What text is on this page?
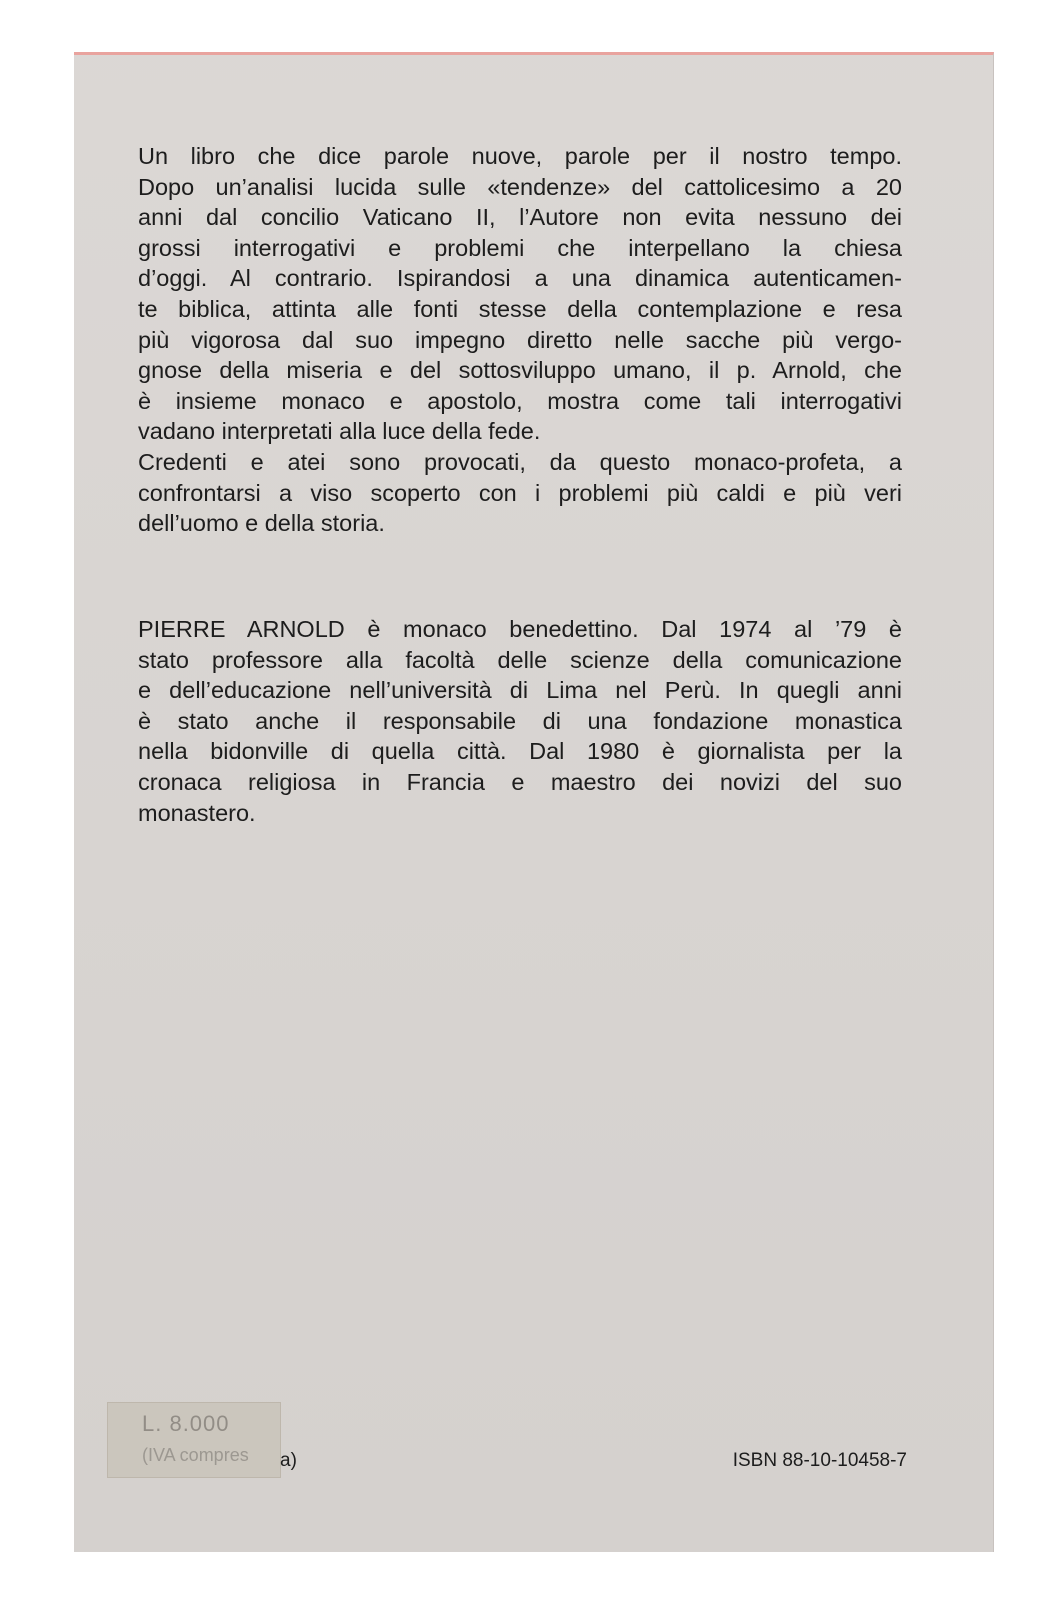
Un libro che dice parole nuove, parole per il nostro tempo.
Dopo un’analisi lucida sulle «tendenze» del cattolicesimo a 20
anni dal concilio Vaticano II, l’Autore non evita nessuno dei
grossi interrogativi e problemi che interpellano la chiesa
d’oggi. Al contrario. Ispirandosi a una dinamica autenticamen-
te biblica, attinta alle fonti stesse della contemplazione e resa
più vigorosa dal suo impegno diretto nelle sacche più vergo-
gnose della miseria e del sottosviluppo umano, il p. Arnold, che
è insieme monaco e apostolo, mostra come tali interrogativi
vadano interpretati alla luce della fede.
Credenti e atei sono provocati, da questo monaco-profeta, a
confrontarsi a viso scoperto con i problemi più caldi e più veri
dell’uomo e della storia.
PIERRE ARNOLD è monaco benedettino. Dal 1974 al ’79 è
stato professore alla facoltà delle scienze della comunicazione
e dell’educazione nell’università di Lima nel Perù. In quegli anni
è stato anche il responsabile di una fondazione monastica
nella bidonville di quella città. Dal 1980 è giornalista per la
cronaca religiosa in Francia e maestro dei novizi del suo
monastero.
L. 8.000
(IVA compres a)	ISBN 88-10-10458-7
